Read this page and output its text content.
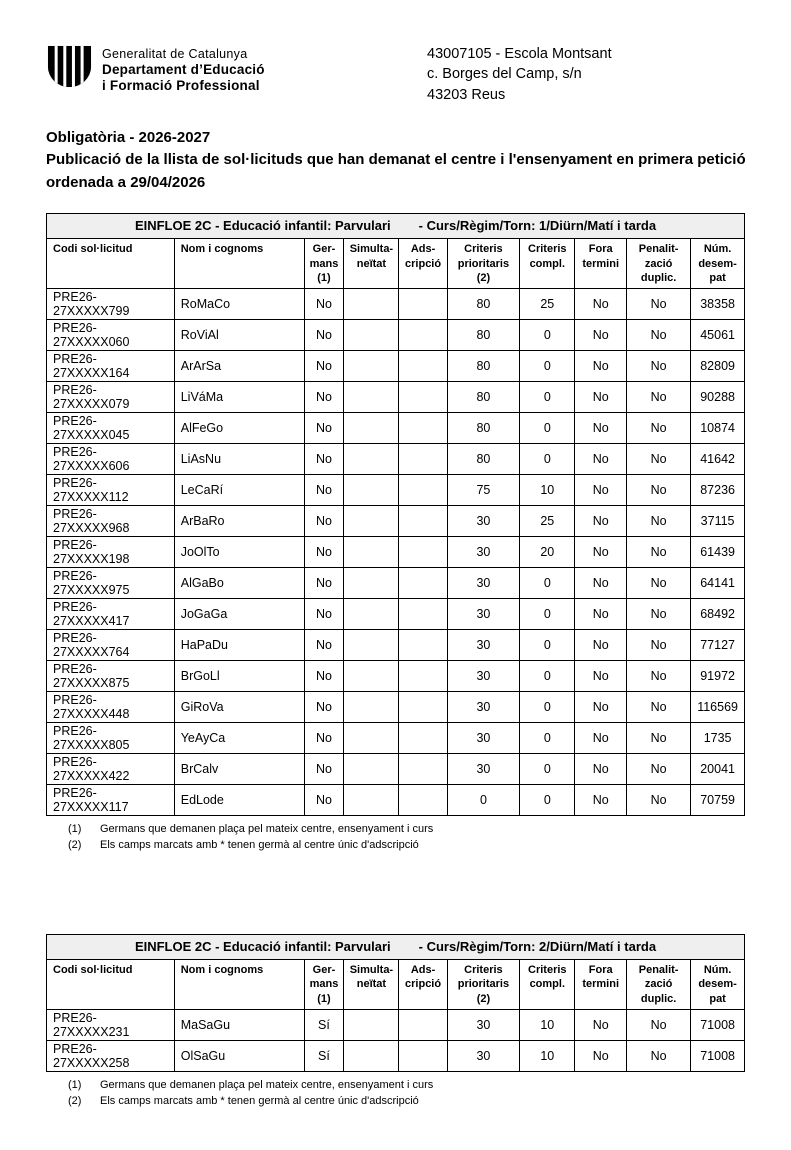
Generalitat de Catalunya
Departament d’Educació
i Formació Professional
43007105 - Escola Montsant
c. Borges del Camp, s/n
43203 Reus
Obligatòria - 2026-2027
Publicació de la llista de sol·licituds que han demanat el centre i l'ensenyament en primera petició ordenada a 29/04/2026
EINFLOE 2C - Educació infantil: Parvulari - Curs/Règim/Torn: 1/Diürn/Matí i tarda									
Codi sol·licitud	Nom i cognoms	Ger-mans (1)	Simulta-neïtat	Ads-cripció	Criteris prioritaris (2)	Criteris compl.	Fora termini	Penalit-zació duplic.	Núm. desem-pat
PRE26-27XXXXX799	RoMaCo	No			80	25	No	No	38358
PRE26-27XXXXX060	RoViAl	No			80	0	No	No	45061
PRE26-27XXXXX164	ArArSa	No			80	0	No	No	82809
PRE26-27XXXXX079	LiVáMa	No			80	0	No	No	90288
PRE26-27XXXXX045	AlFeGo	No			80	0	No	No	10874
PRE26-27XXXXX606	LiAsNu	No			80	0	No	No	41642
PRE26-27XXXXX112	LeCaRí	No			75	10	No	No	87236
PRE26-27XXXXX968	ArBaRo	No			30	25	No	No	37115
PRE26-27XXXXX198	JoOlTo	No			30	20	No	No	61439
PRE26-27XXXXX975	AlGaBo	No			30	0	No	No	64141
PRE26-27XXXXX417	JoGaGa	No			30	0	No	No	68492
PRE26-27XXXXX764	HaPaDu	No			30	0	No	No	77127
PRE26-27XXXXX875	BrGoLl	No			30	0	No	No	91972
PRE26-27XXXXX448	GiRoVa	No			30	0	No	No	116569
PRE26-27XXXXX805	YeAyCa	No			30	0	No	No	1735
PRE26-27XXXXX422	BrCalv	No			30	0	No	No	20041
PRE26-27XXXXX117	EdLode	No			0	0	No	No	70759
(1)	Germans que demanen plaça pel mateix centre, ensenyament i curs
(2)	Els camps marcats amb * tenen germà al centre únic d'adscripció
EINFLOE 2C - Educació infantil: Parvulari - Curs/Règim/Torn: 2/Diürn/Matí i tarda									
Codi sol·licitud	Nom i cognoms	Ger-mans (1)	Simulta-neïtat	Ads-cripció	Criteris prioritaris (2)	Criteris compl.	Fora termini	Penalit-zació duplic.	Núm. desem-pat
PRE26-27XXXXX231	MaSaGu	Sí			30	10	No	No	71008
PRE26-27XXXXX258	OlSaGu	Sí			30	10	No	No	71008
(1)	Germans que demanen plaça pel mateix centre, ensenyament i curs
(2)	Els camps marcats amb * tenen germà al centre únic d'adscripció
